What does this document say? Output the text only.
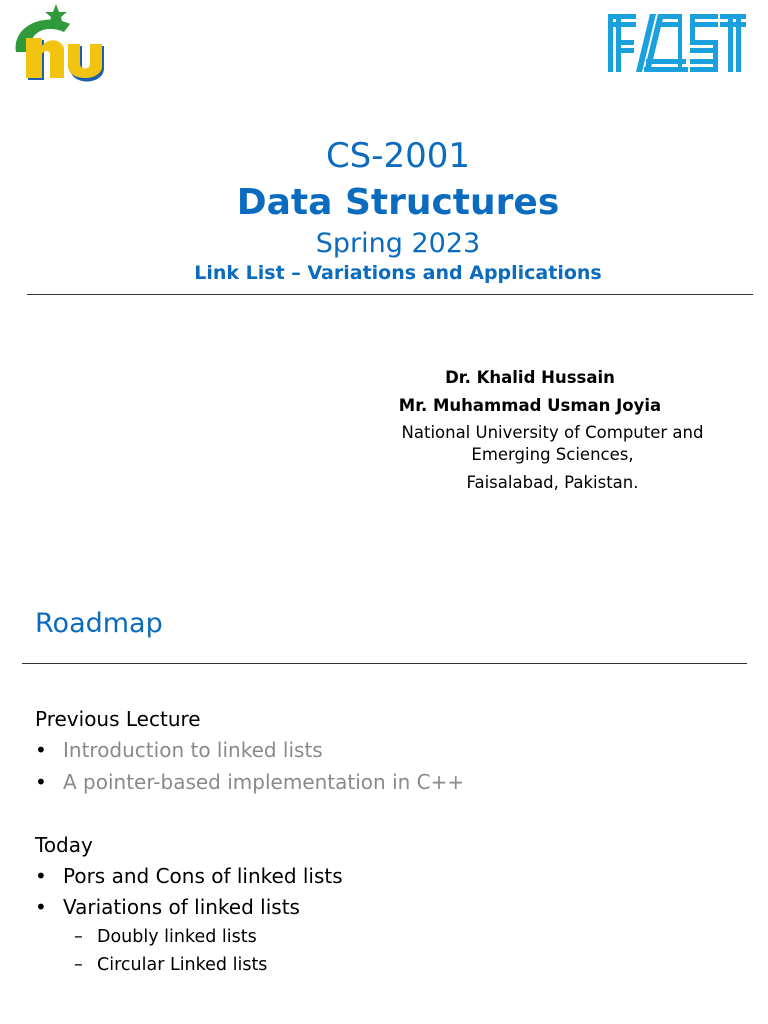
CS-2001
Data Structures
Spring 2023
Link List – Variations and Applications
Dr. Khalid Hussain
Mr. Muhammad Usman Joyia
National University of Computer and
Emerging Sciences,
Faisalabad, Pakistan.
Roadmap
Previous Lecture
• Introduction to linked lists
• A pointer-based implementation in C++
Today
• Pors and Cons of linked lists
• Variations of linked lists
– Doubly linked lists
– Circular Linked lists
